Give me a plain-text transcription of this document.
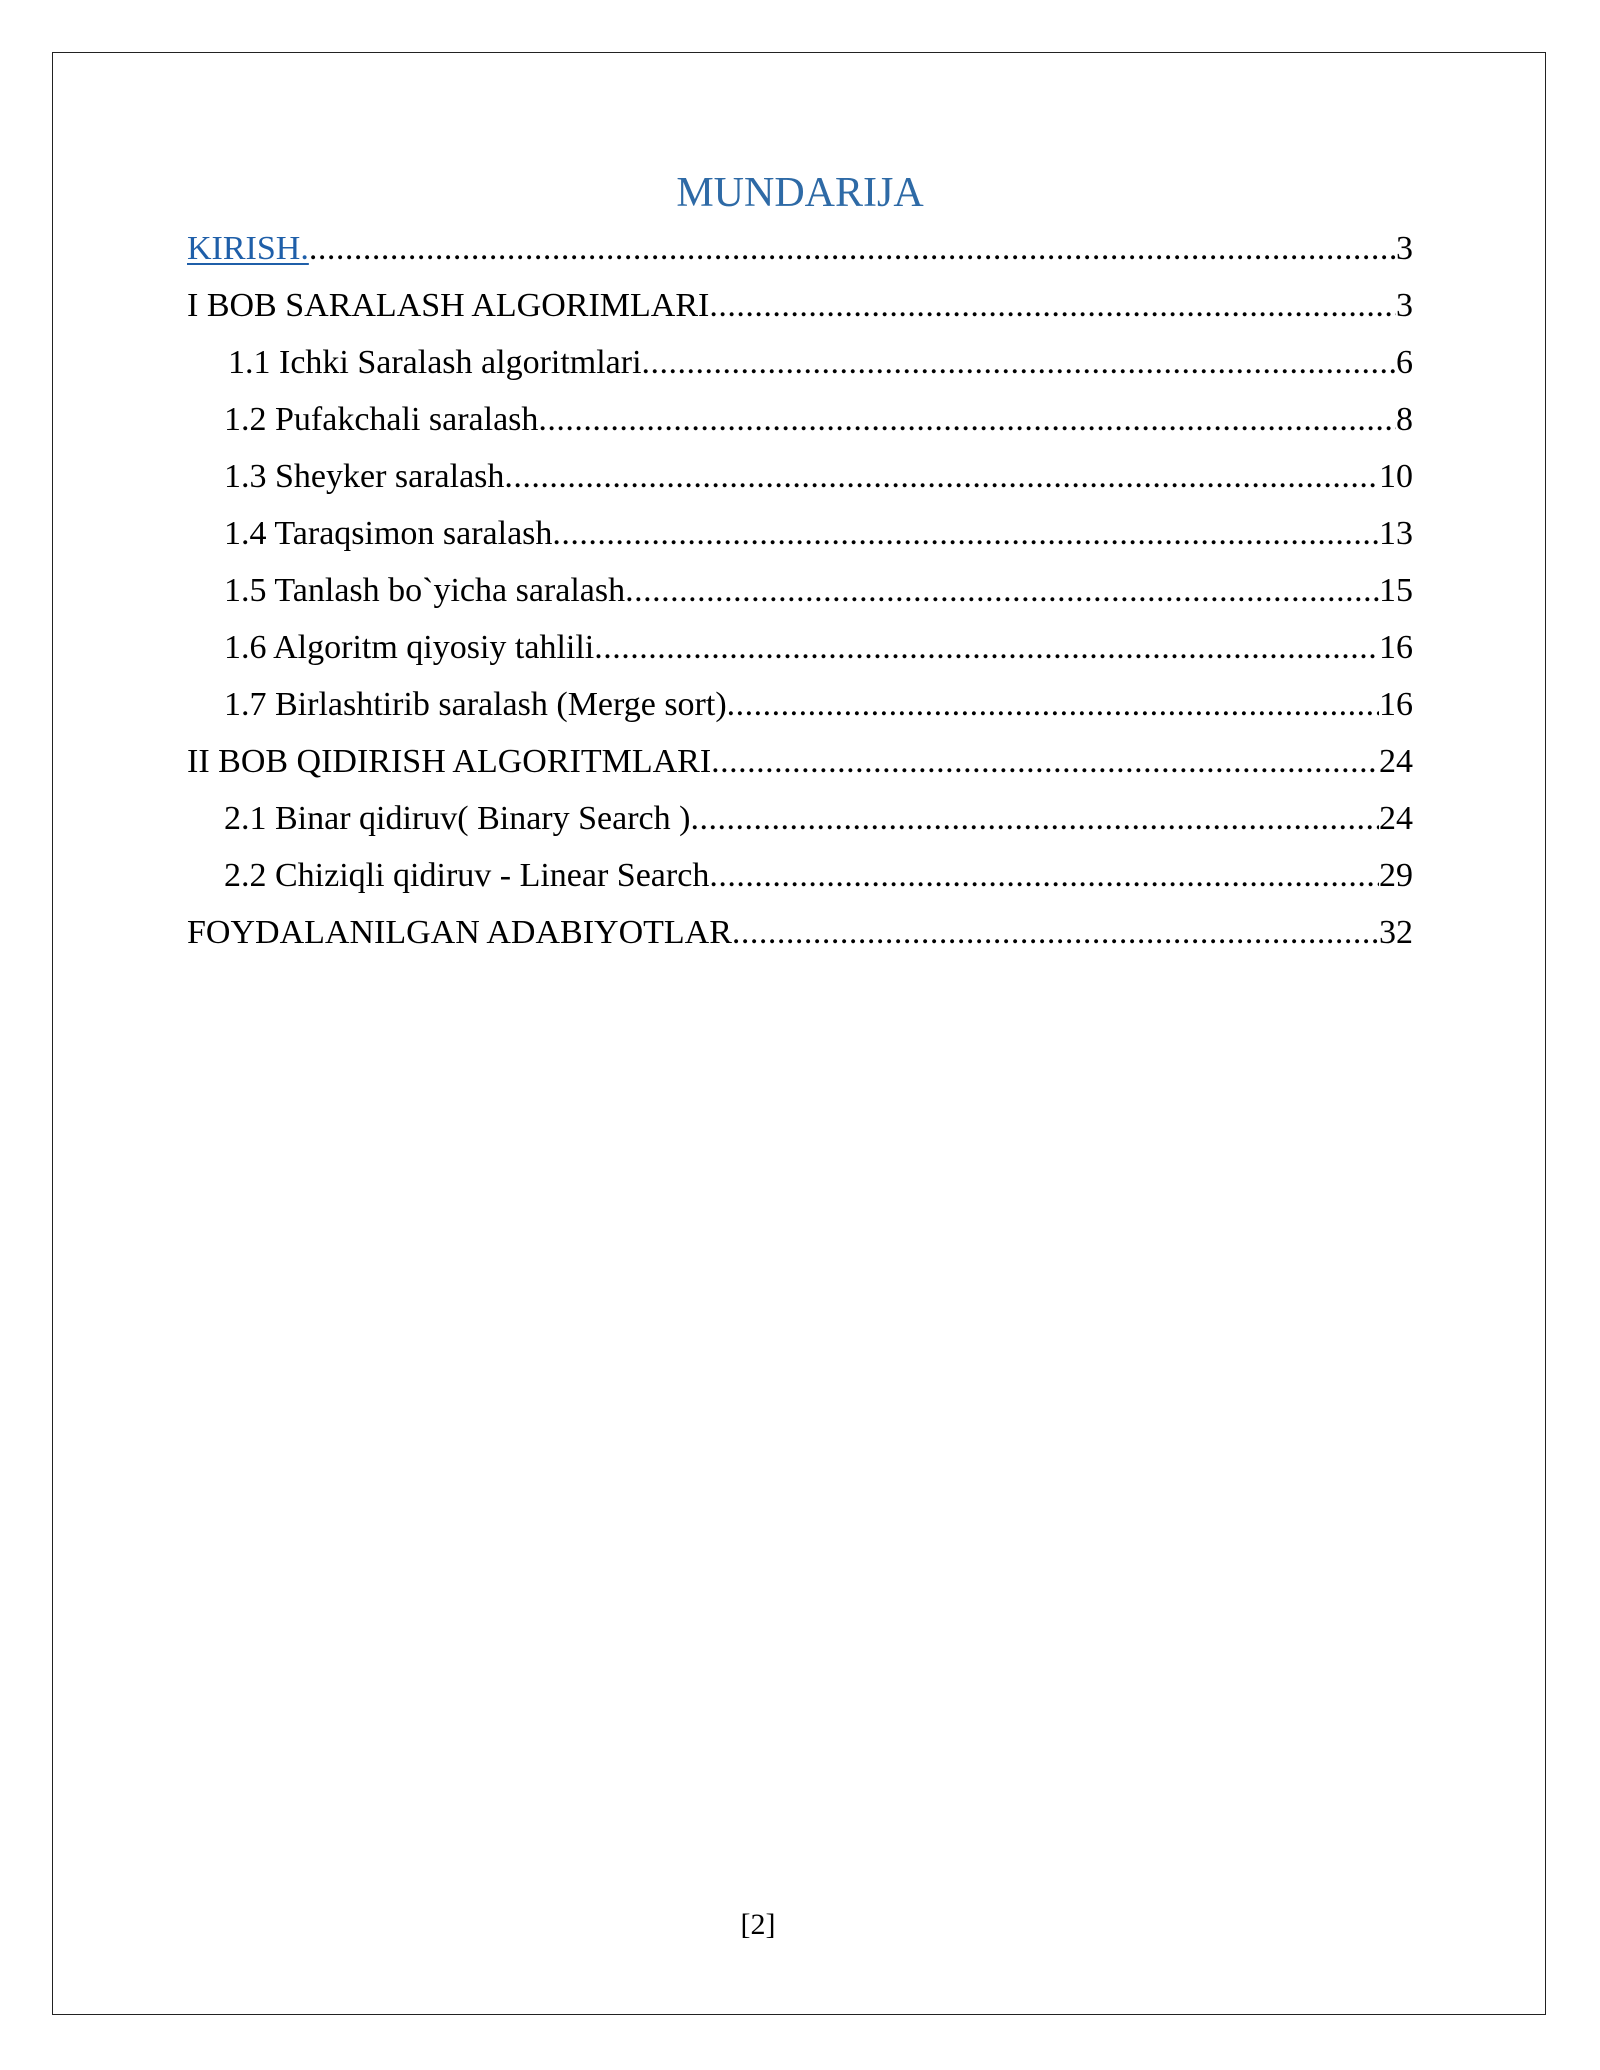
MUNDARIJA
KIRISH. .....	3
I BOB SARALASH ALGORIMLARI .....	3
1.1 Ichki Saralash algoritmlari .....	6
1.2 Pufakchali saralash .....	8
1.3 Sheyker saralash .....	10
1.4 Taraqsimon saralash .....	13
1.5 Tanlash bo`yicha saralash .....	15
1.6 Algoritm qiyosiy tahlili .....	16
1.7 Birlashtirib saralash (Merge sort) .....	16
II BOB QIDIRISH ALGORITMLARI .....	24
2.1 Binar qidiruv( Binary Search ) .....	24
2.2 Chiziqli qidiruv - Linear Search .....	29
FOYDALANILGAN ADABIYOTLAR .....	32
[2]
